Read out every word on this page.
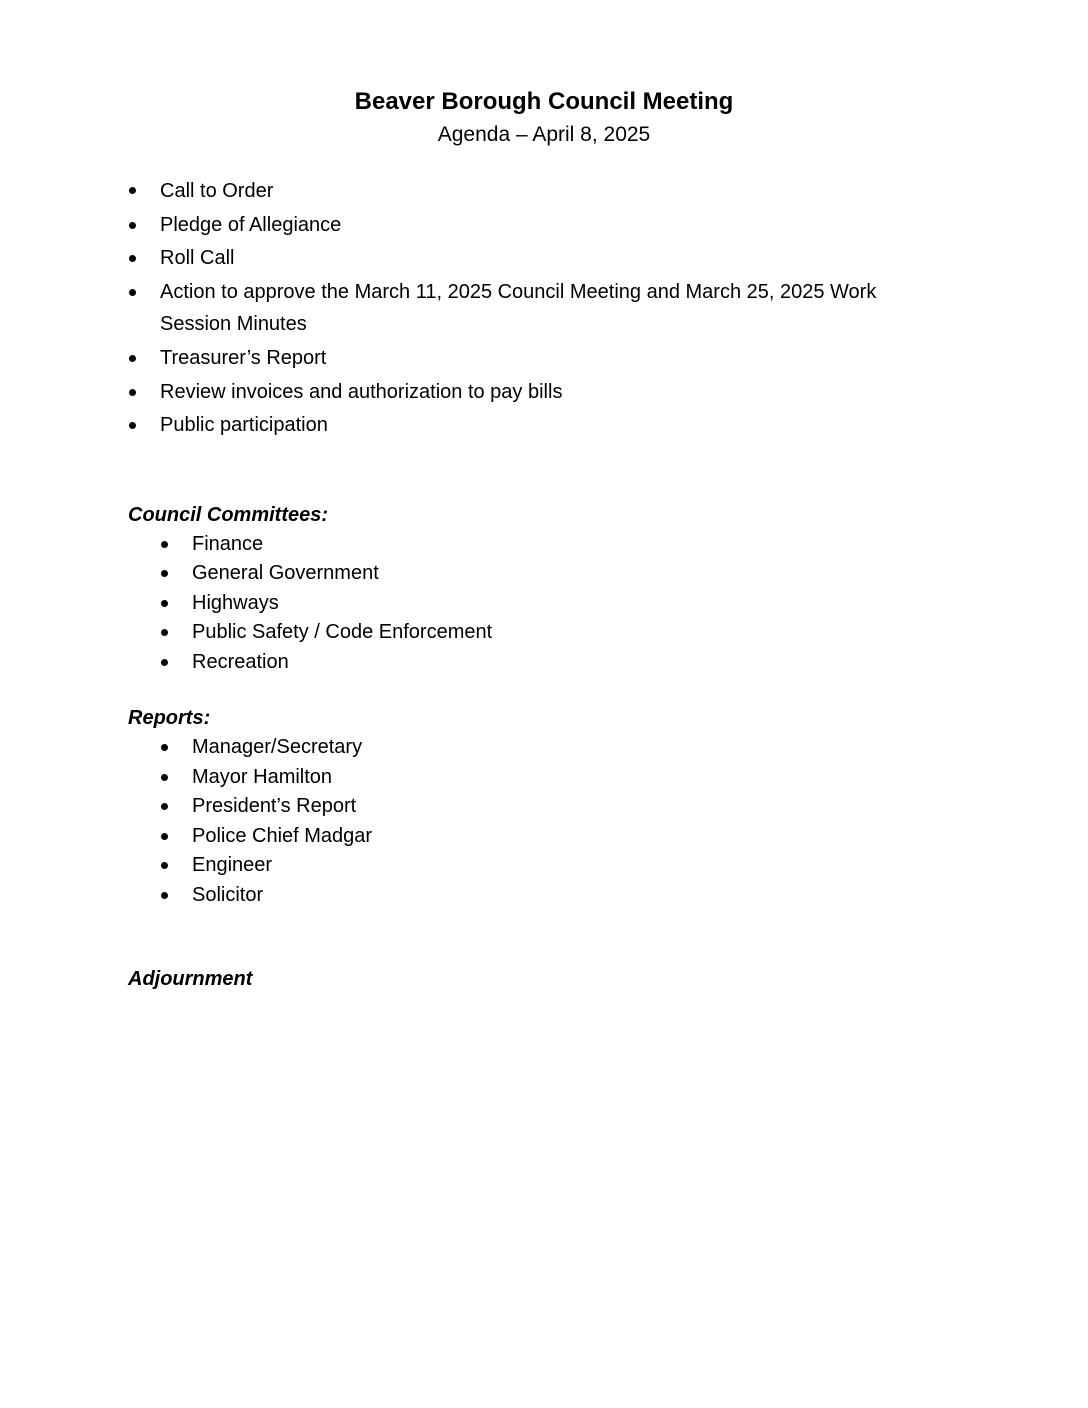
Beaver Borough Council Meeting
Agenda – April 8, 2025
Call to Order
Pledge of Allegiance
Roll Call
Action to approve the March 11, 2025 Council Meeting and March 25, 2025 Work
Session Minutes
Treasurer’s Report
Review invoices and authorization to pay bills
Public participation
Council Committees:
Finance
General Government
Highways
Public Safety / Code Enforcement
Recreation
Reports:
Manager/Secretary
Mayor Hamilton
President’s Report
Police Chief Madgar
Engineer
Solicitor
Adjournment
